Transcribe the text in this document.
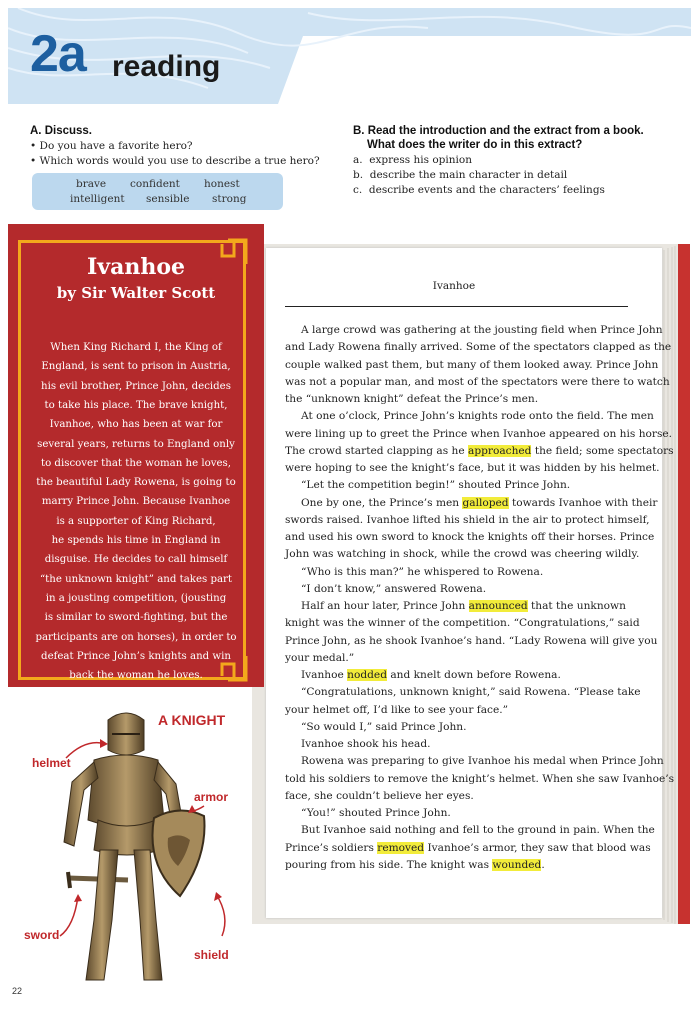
2a reading
A. Discuss.
• Do you have a favorite hero?
• Which words would you use to describe a true hero?
brave confident honest
intelligent sensible strong
B. Read the introduction and the extract from a book.
What does the writer do in this extract?
a. express his opinion
b. describe the main character in detail
c. describe events and the characters’ feelings
Ivanhoe
A large crowd was gathering at the jousting field when Prince John
and Lady Rowena finally arrived. Some of the spectators clapped as the
couple walked past them, but many of them looked away. Prince John
was not a popular man, and most of the spectators were there to watch
the “unknown knight” defeat the Prince’s men.
At one o’clock, Prince John’s knights rode onto the field. The men
were lining up to greet the Prince when Ivanhoe appeared on his horse.
The crowd started clapping as he approached the field; some spectators
were hoping to see the knight’s face, but it was hidden by his helmet.
“Let the competition begin!” shouted Prince John.
One by one, the Prince’s men galloped towards Ivanhoe with their
swords raised. Ivanhoe lifted his shield in the air to protect himself,
and used his own sword to knock the knights off their horses. Prince
John was watching in shock, while the crowd was cheering wildly.
“Who is this man?” he whispered to Rowena.
“I don’t know,” answered Rowena.
Half an hour later, Prince John announced that the unknown
knight was the winner of the competition. “Congratulations,” said
Prince John, as he shook Ivanhoe’s hand. “Lady Rowena will give you
your medal.”
Ivanhoe nodded and knelt down before Rowena.
“Congratulations, unknown knight,” said Rowena. “Please take
your helmet off, I’d like to see your face.”
“So would I,” said Prince John.
Ivanhoe shook his head.
Rowena was preparing to give Ivanhoe his medal when Prince John
told his soldiers to remove the knight’s helmet. When she saw Ivanhoe’s
face, she couldn’t believe her eyes.
“You!” shouted Prince John.
But Ivanhoe said nothing and fell to the ground in pain. When the
Prince’s soldiers removed Ivanhoe’s armor, they saw that blood was
pouring from his side. The knight was wounded.
Ivanhoe
by Sir Walter Scott
When King Richard I, the King of
England, is sent to prison in Austria,
his evil brother, Prince John, decides
to take his place. The brave knight,
Ivanhoe, who has been at war for
several years, returns to England only
to discover that the woman he loves,
the beautiful Lady Rowena, is going to
marry Prince John. Because Ivanhoe
is a supporter of King Richard,
he spends his time in England in
disguise. He decides to call himself
“the unknown knight” and takes part
in a jousting competition, (jousting
is similar to sword-fighting, but the
participants are on horses), in order to
defeat Prince John’s knights and win
back the woman he loves.
A KNIGHT
helmet
armor
sword
shield
22
